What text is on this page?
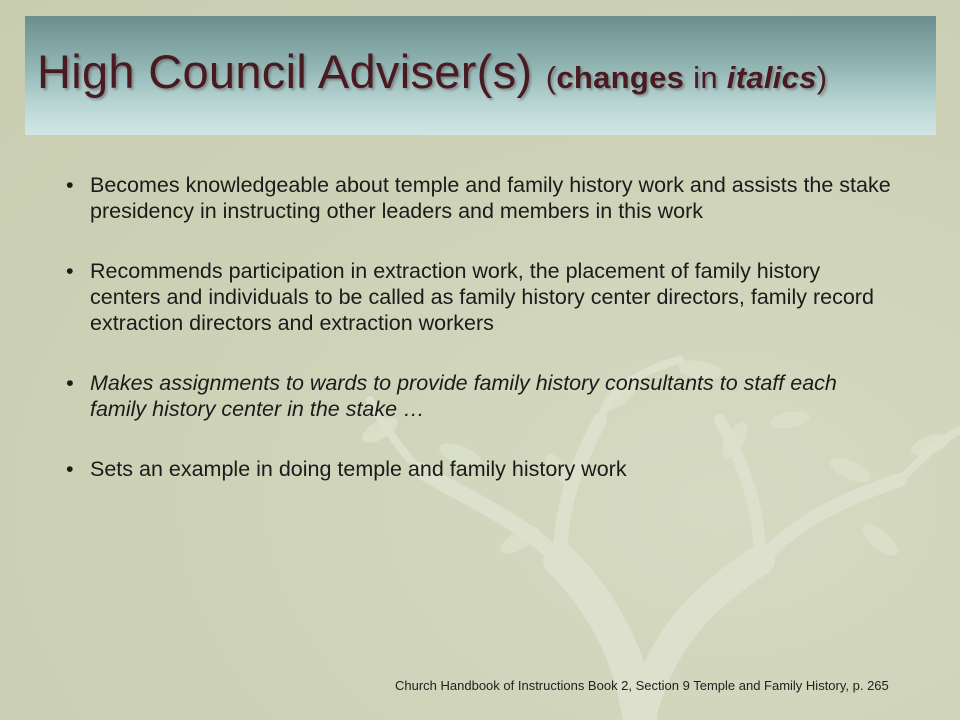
High Council Adviser(s) (changes in italics)
• Becomes knowledgeable about temple and family history work and assists the stake presidency in instructing other leaders and members in this work
• Recommends participation in extraction work, the placement of family history centers and individuals to be called as family history center directors, family record extraction directors and extraction workers
• Makes assignments to wards to provide family history consultants to staff each family history center in the stake …
• Sets an example in doing temple and family history work
Church Handbook of Instructions Book 2, Section 9 Temple and Family History, p. 265
